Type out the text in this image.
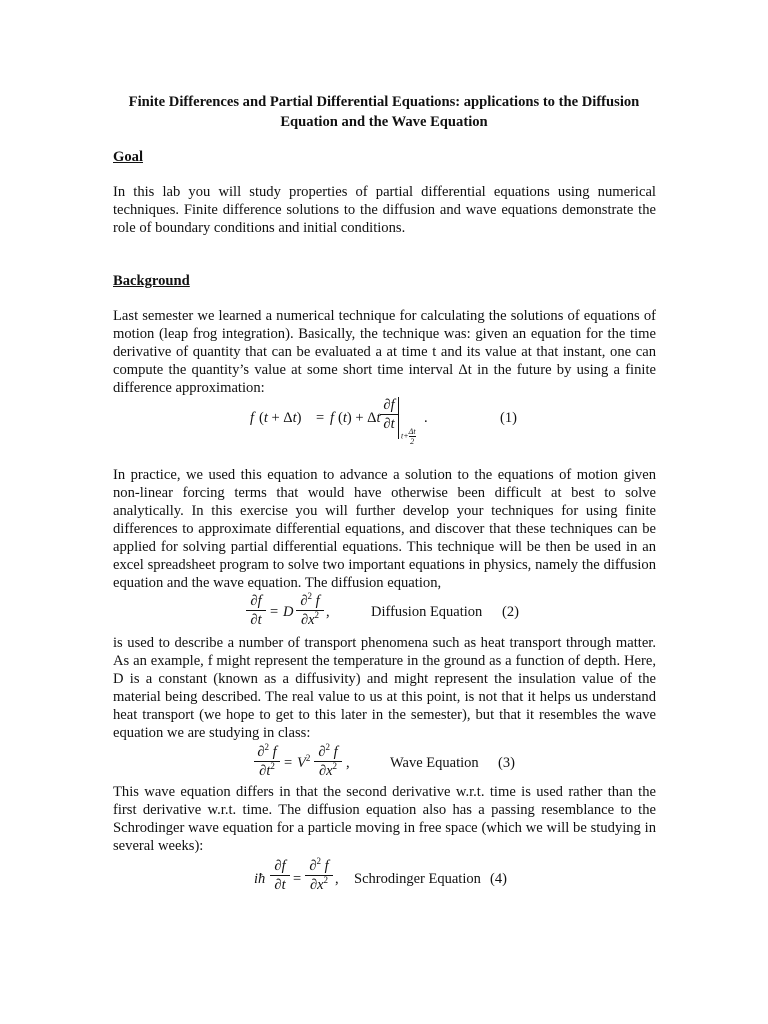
Finite Differences and Partial Differential Equations: applications to the Diffusion Equation and the Wave Equation
Goal

In this lab you will study properties of partial differential equations using numerical techniques. Finite difference solutions to the diffusion and wave equations demonstrate the role of boundary conditions and initial conditions.

Background

Last semester we learned a numerical technique for calculating the solutions of equations of motion (leap frog integration). Basically, the technique was: given an equation for the time derivative of quantity that can be evaluated a at time t and its value at that instant, one can compute the quantity’s value at some short time interval Δt in the future by using a finite difference approximation:

f (t + Δt) = f (t) + Δt
∂f
∂t
$t+ \frac{\Delta t}{2}$
.	(1)

In practice, we used this equation to advance a solution to the equations of motion given non-linear forcing terms that would have otherwise been difficult at best to solve analytically. In this exercise you will further develop your techniques for using finite differences to approximate differential equations, and discover that these techniques can be applied for solving partial differential equations. This technique will be then be used in an excel spreadsheet program to solve two important equations in physics, namely the diffusion equation and the wave equation. The diffusion equation,

∂f
∂t = D
∂$^2$ f
$\partial x^2$ ,	Diffusion Equation (2)

is used to describe a number of transport phenomena such as heat transport through matter. As an example, f might represent the temperature in the ground as a function of depth. Here, D is a constant (known as a diffusivity) and might represent the insulation value of the material being described. The real value to us at this point, is not that it helps us understand heat transport (we hope to get to this later in the semester), but that it resembles the wave equation we are studying in class:

∂$^2$ f
$\partial t^2 = V^2$ ∂$^2$ f
$\partial x^2$ ,	Wave Equation (3)

This wave equation differs in that the second derivative w.r.t. time is used rather than the first derivative w.r.t. time. The diffusion equation also has a passing resemblance to the Schrodinger wave equation for a particle moving in free space (which we will be studying in several weeks):

iħ
∂f
∂t =
∂$^2$ f
$\partial x^2$ , Schrodinger Equation (4)
